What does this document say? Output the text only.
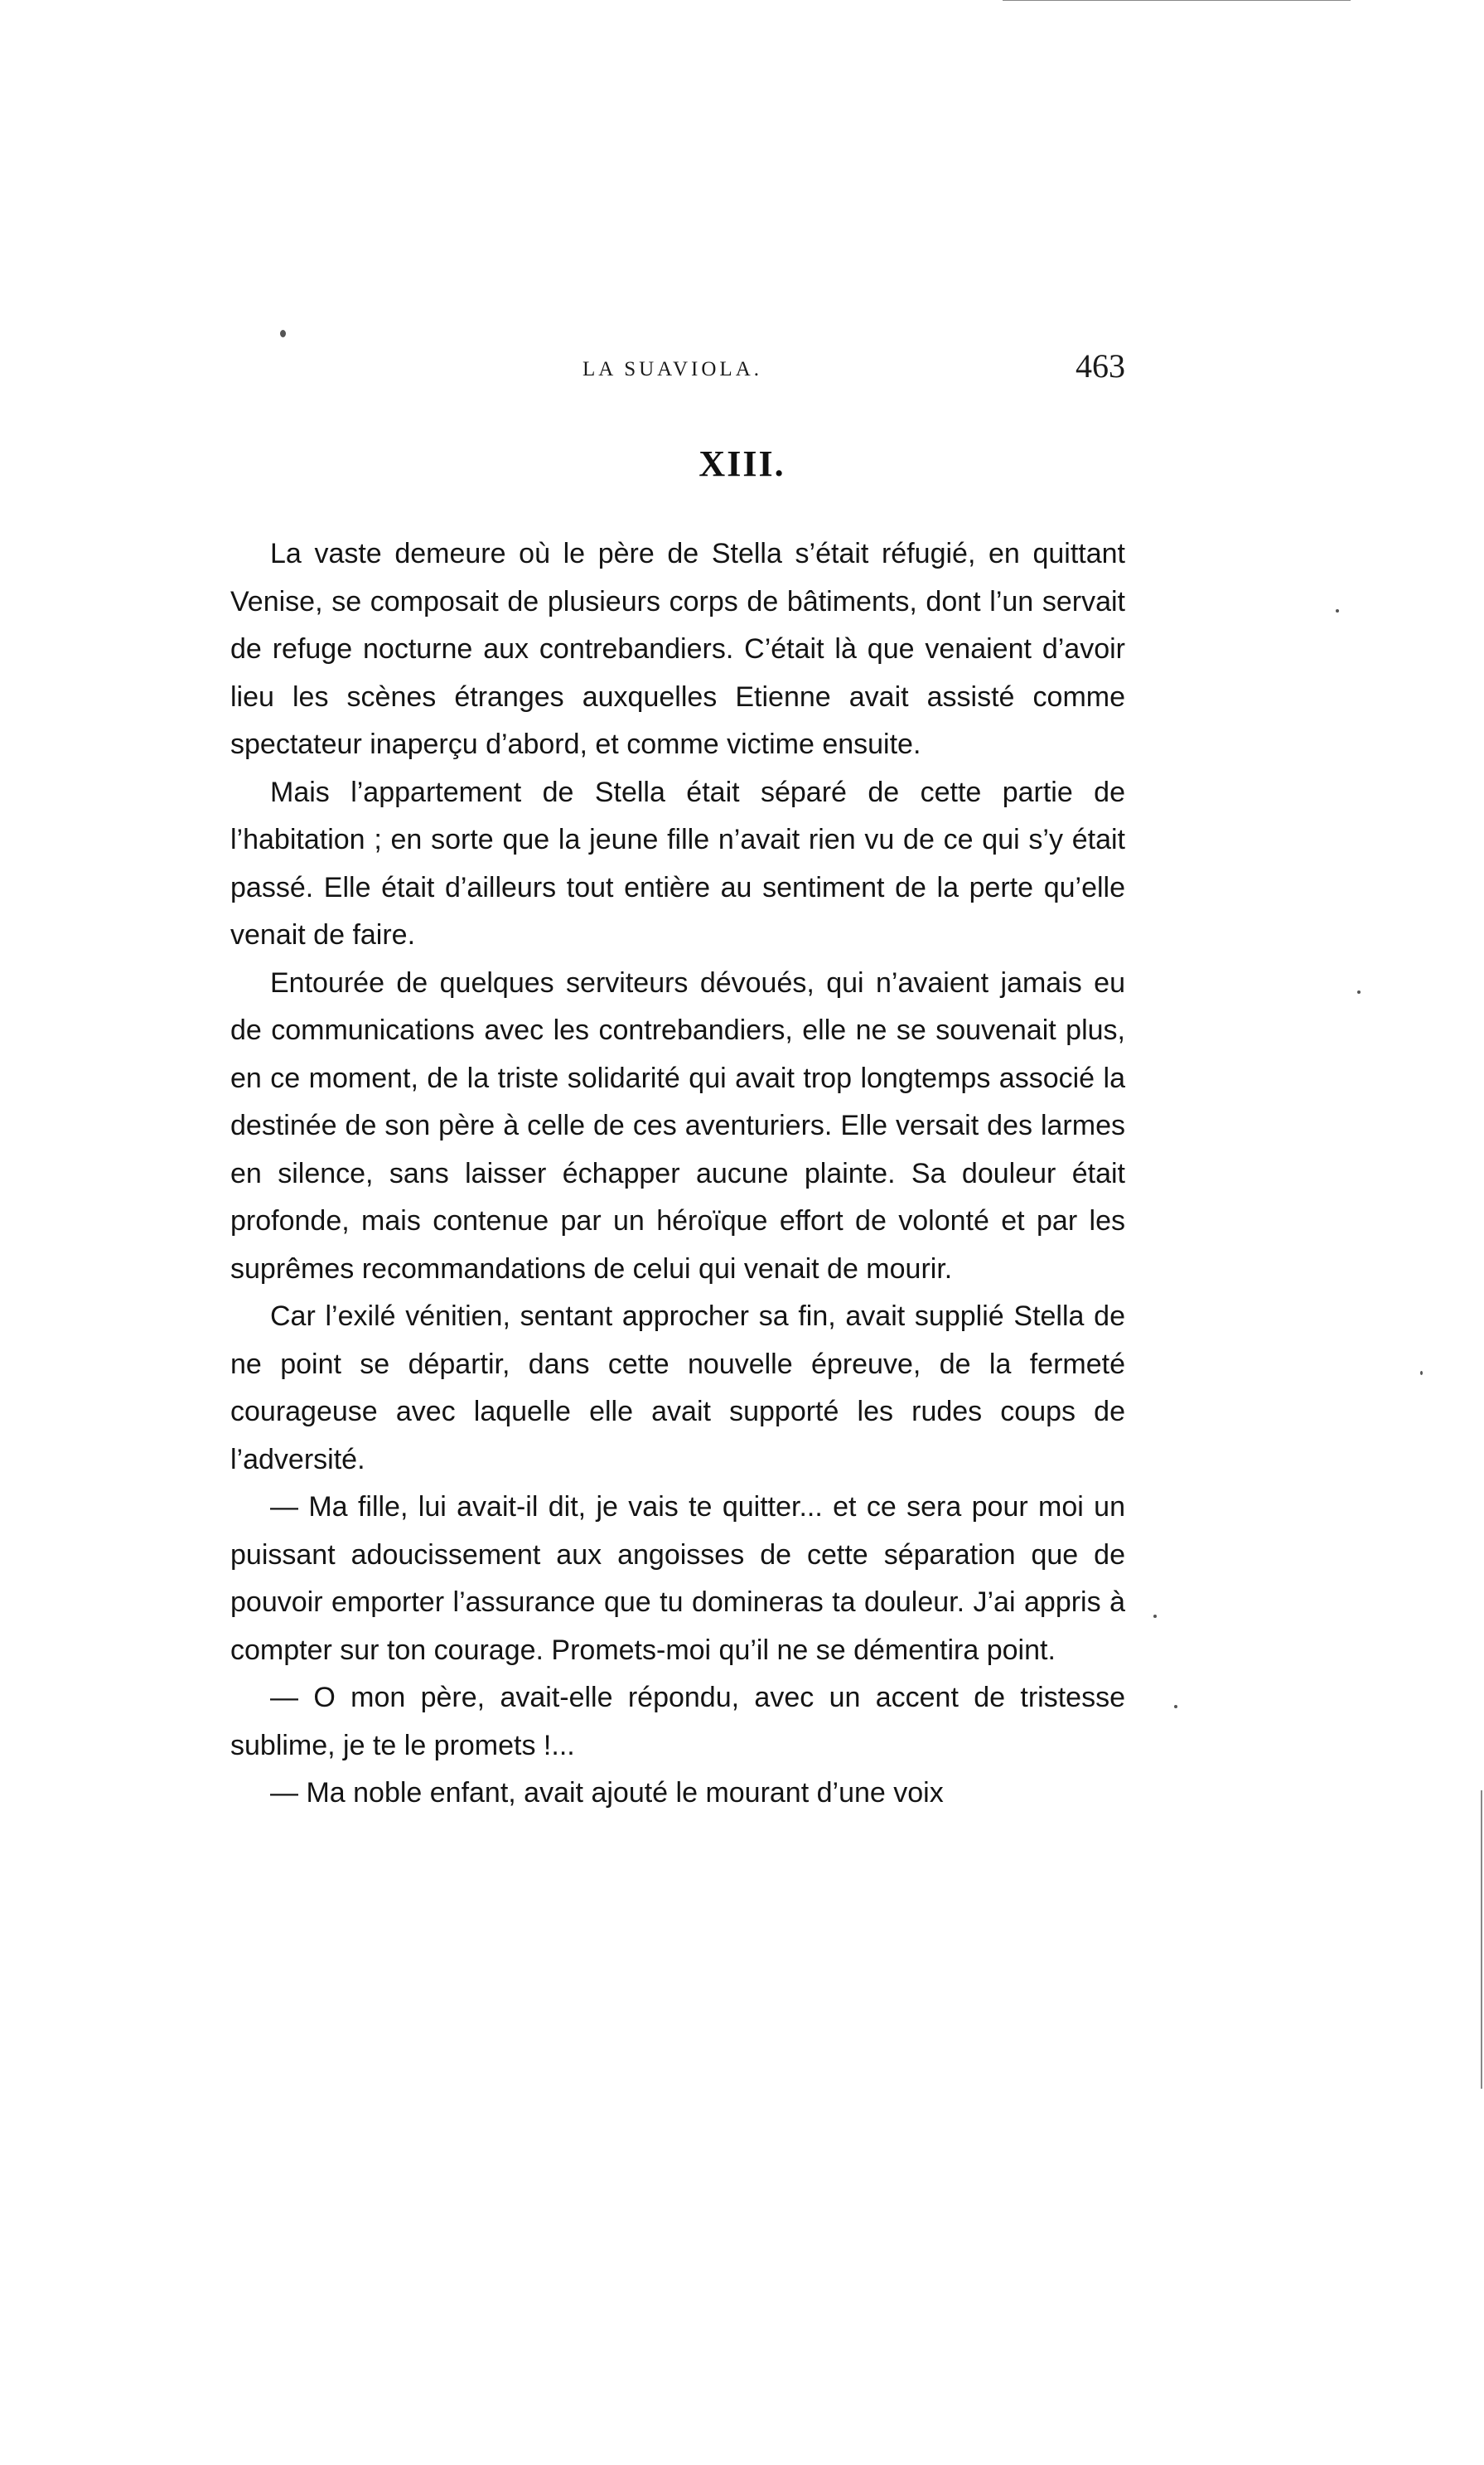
LA SUAVIOLA.	463
XIII.

La vaste demeure où le père de Stella s’était réfugié, en quittant Venise, se composait de plusieurs corps de bâtiments, dont l’un servait de refuge nocturne aux contrebandiers. C’était là que venaient d’avoir lieu les scènes étranges auxquelles Etienne avait assisté comme spectateur inaperçu d’abord, et comme victime ensuite.

Mais l’appartement de Stella était séparé de cette partie de l’habitation ; en sorte que la jeune fille n’avait rien vu de ce qui s’y était passé. Elle était d’ailleurs tout entière au sentiment de la perte qu’elle venait de faire.

Entourée de quelques serviteurs dévoués, qui n’avaient jamais eu de communications avec les contrebandiers, elle ne se souvenait plus, en ce moment, de la triste solidarité qui avait trop longtemps associé la destinée de son père à celle de ces aventuriers. Elle versait des larmes en silence, sans laisser échapper aucune plainte. Sa douleur était profonde, mais contenue par un héroïque effort de volonté et par les suprêmes recommandations de celui qui venait de mourir.

Car l’exilé vénitien, sentant approcher sa fin, avait supplié Stella de ne point se départir, dans cette nouvelle épreuve, de la fermeté courageuse avec laquelle elle avait supporté les rudes coups de l’adversité.

— Ma fille, lui avait-il dit, je vais te quitter... et ce sera pour moi un puissant adoucissement aux angoisses de cette séparation que de pouvoir emporter l’assurance que tu domineras ta douleur. J’ai appris à compter sur ton courage. Promets-moi qu’il ne se démentira point.

— O mon père, avait-elle répondu, avec un accent de tristesse sublime, je te le promets !...

— Ma noble enfant, avait ajouté le mourant d’une voix
